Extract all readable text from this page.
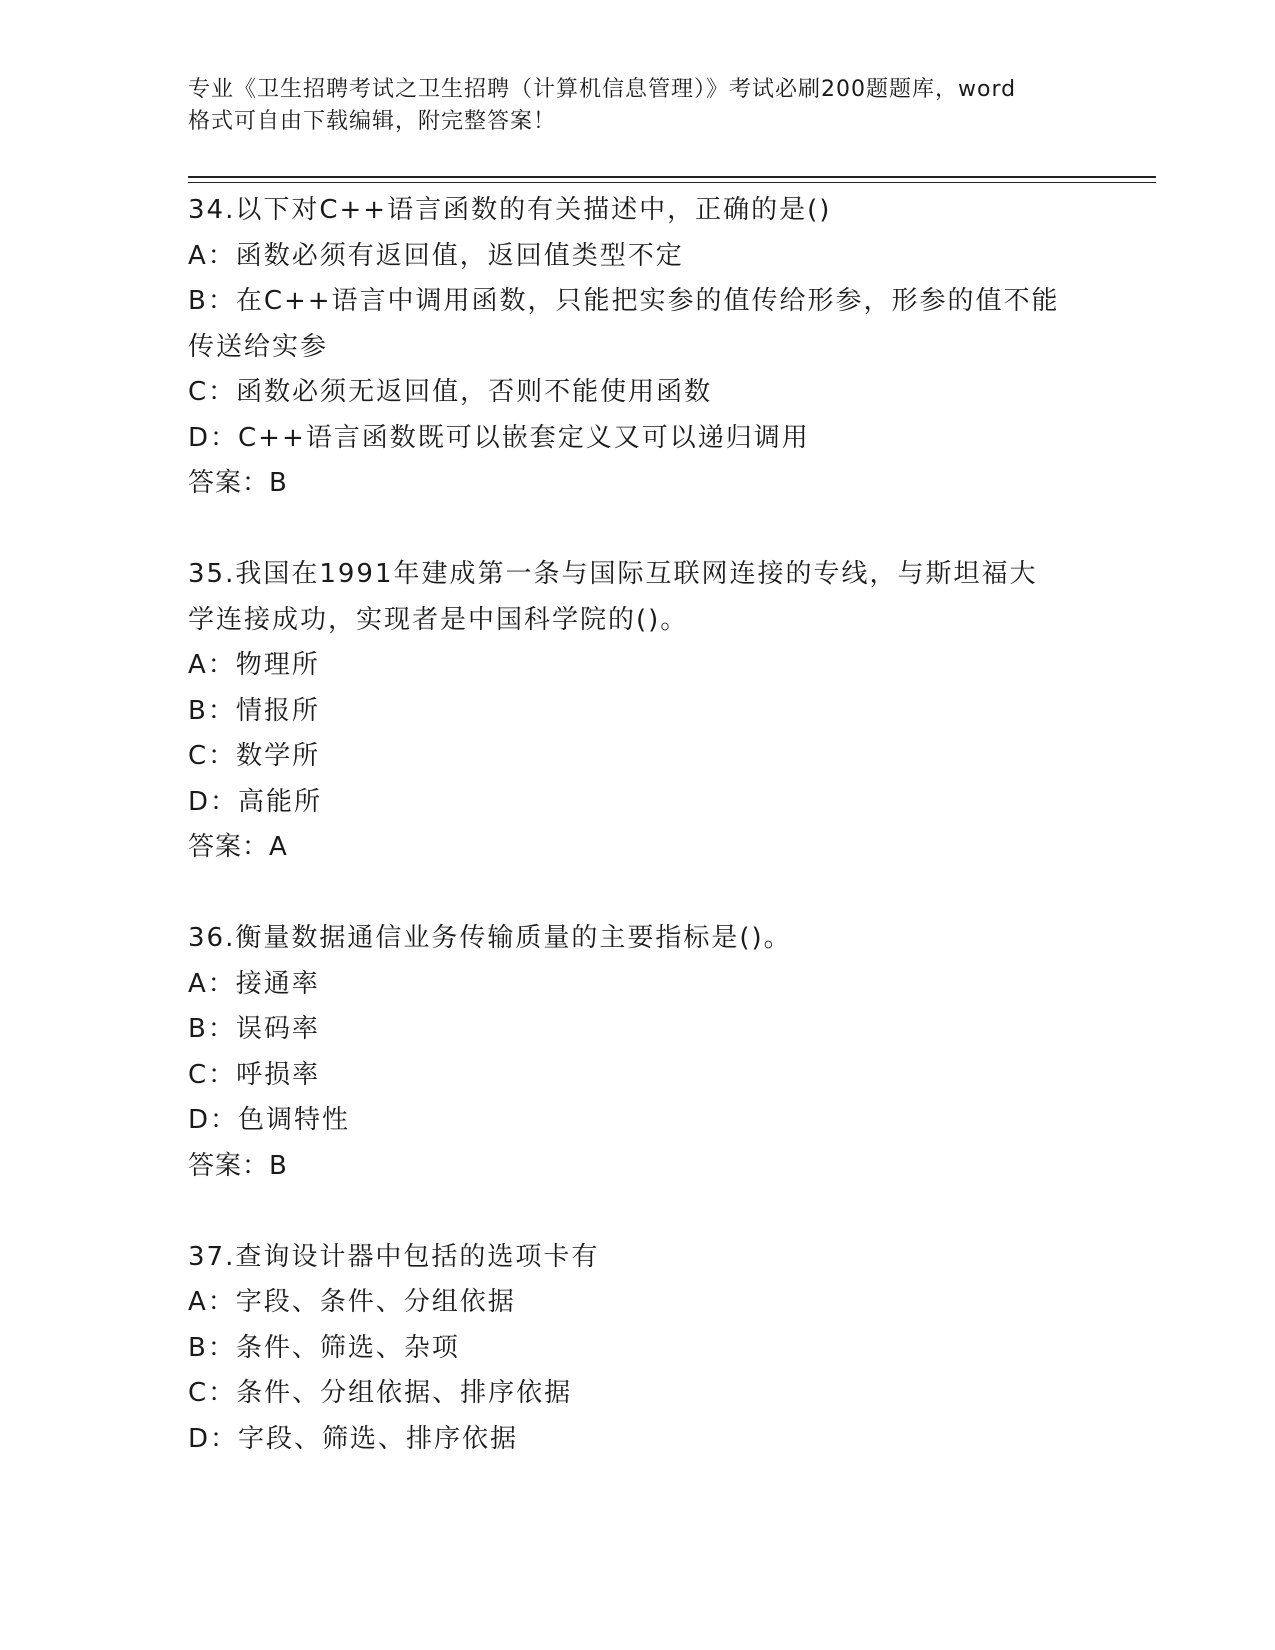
专业《卫生招聘考试之卫生招聘（计算机信息管理）》考试必刷200题题库，word
格式可自由下载编辑，附完整答案！
34.以下对C++语言函数的有关描述中，正确的是()
A：函数必须有返回值，返回值类型不定
B：在C++语言中调用函数，只能把实参的值传给形参，形参的值不能
传送给实参
C：函数必须无返回值，否则不能使用函数
D：C++语言函数既可以嵌套定义又可以递归调用
答案：B
35.我国在1991年建成第一条与国际互联网连接的专线，与斯坦福大
学连接成功，实现者是中国科学院的()。
A：物理所
B：情报所
C：数学所
D：高能所
答案：A
36.衡量数据通信业务传输质量的主要指标是()。
A：接通率
B：误码率
C：呼损率
D：色调特性
答案：B
37.查询设计器中包括的选项卡有
A：字段、条件、分组依据
B：条件、筛选、杂项
C：条件、分组依据、排序依据
D：字段、筛选、排序依据
